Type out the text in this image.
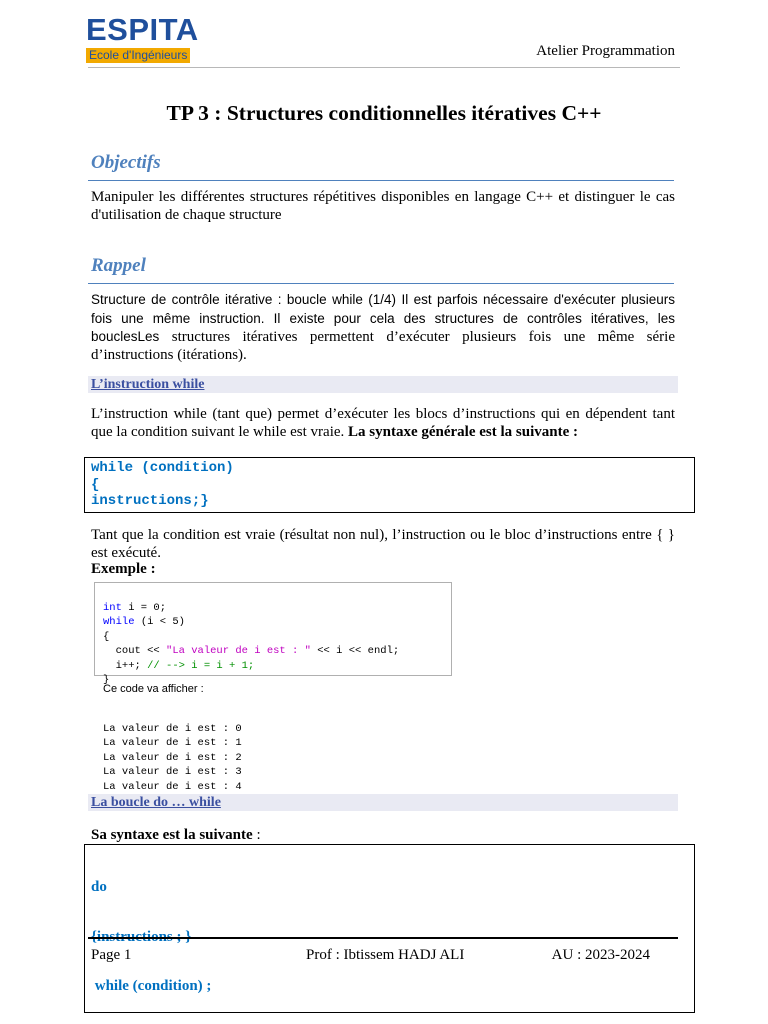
ESPITA
Ecole d'Ingénieurs	Atelier Programmation
TP 3 : Structures conditionnelles itératives C++
Objectifs
Manipuler les différentes structures répétitives disponibles en langage C++ et distinguer le cas d'utilisation de chaque structure
Rappel
Structure de contrôle itérative : boucle while (1/4) Il est parfois nécessaire d'exécuter plusieurs fois une même instruction. Il existe pour cela des structures de contrôles itératives, les bouclesLes structures itératives permettent d’exécuter plusieurs fois une même série d’instructions (itérations).
L’instruction while
L’instruction while (tant que) permet d’exécuter les blocs d’instructions qui en dépendent tant que la condition suivant le while est vraie. La syntaxe générale est la suivante :
while (condition)
{
instructions;}
Tant que la condition est vraie (résultat non nul), l’instruction ou le bloc d’instructions entre { } est exécuté.
Exemple :

int i = 0;
while (i < 5)
{
cout << "La valeur de i est : " << i << endl;
i++; // --> i = i + 1;
}

Ce code va afficher :

La valeur de i est : 0
La valeur de i est : 1
La valeur de i est : 2
La valeur de i est : 3
La valeur de i est : 4

La boucle do … while
Sa syntaxe est la suivante :

do

while (condition) ;

Page 1	Prof : Ibtissem HADJ ALI	AU : 2023-2024
